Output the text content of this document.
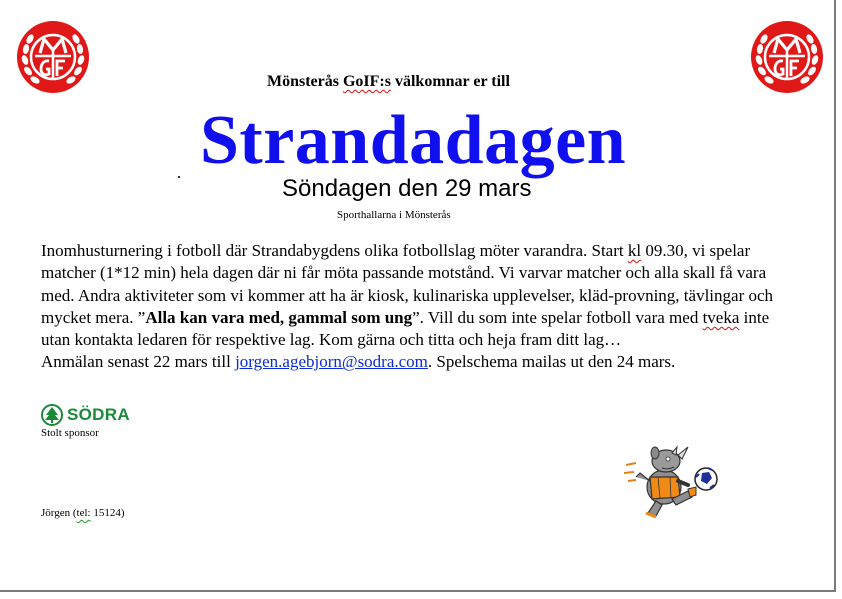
Mönsterås GoIF:s välkomnar er till
Strandadagen
Söndagen den 29 mars
Sporthallarna i Mönsterås

Inomhusturnering i fotboll där Strandabygdens olika fotbollslag möter varandra. Start kl 09.30, vi spelar matcher (1*12 min) hela dagen där ni får möta passande motstånd. Vi varvar matcher och alla skall få vara med. Andra aktiviteter som vi kommer att ha är kiosk, kulinariska upplevelser, kläd-provning, tävlingar och mycket mera. ”Alla kan vara med, gammal som ung”. Vill du som inte spelar fotboll vara med tveka inte utan kontakta ledaren för respektive lag. Kom gärna och titta och heja fram ditt lag…

Anmälan senast 22 mars till jorgen.agebjorn@sodra.com. Spelschema mailas ut den 24 mars.

SÖDRA
Stolt sponsor
Jörgen (tel: 15124)
